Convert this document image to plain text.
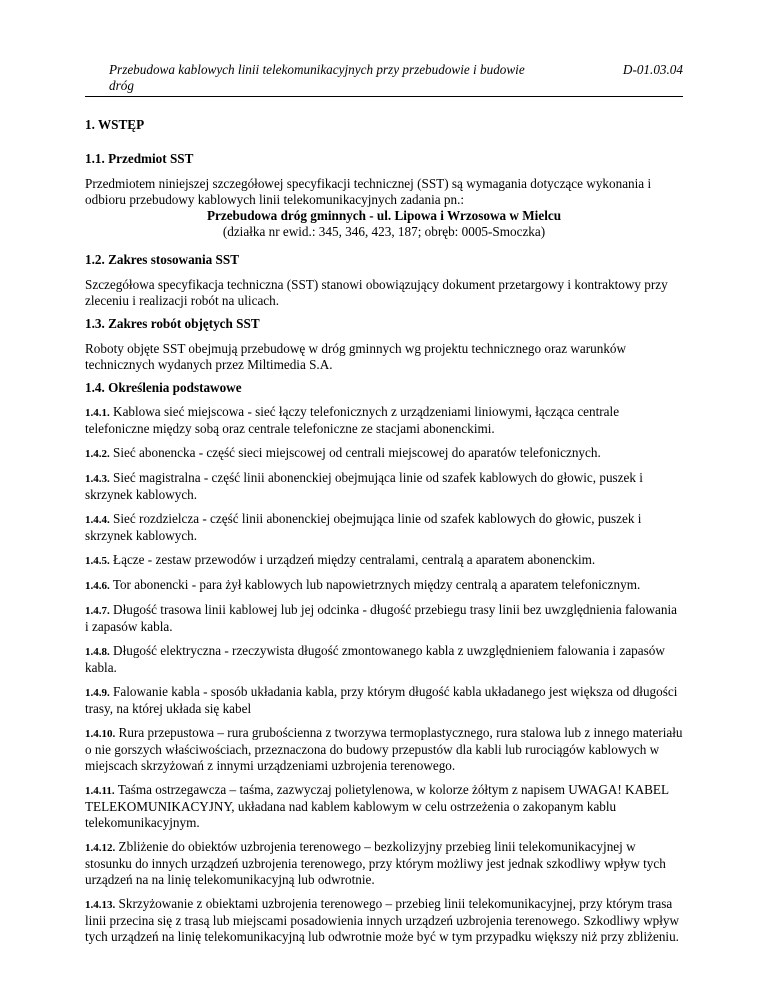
Przebudowa kablowych linii telekomunikacyjnych przy przebudowie i budowie dróg
D-01.03.04
1. WSTĘP
1.1. Przedmiot SST
Przedmiotem niniejszej szczegółowej specyfikacji technicznej (SST) są wymagania dotyczące wykonania i odbioru przebudowy kablowych linii telekomunikacyjnych zadania pn.:
Przebudowa dróg gminnych - ul. Lipowa i Wrzosowa w Mielcu
(działka nr ewid.: 345, 346, 423, 187; obręb: 0005-Smoczka)
1.2. Zakres stosowania SST
Szczegółowa specyfikacja techniczna (SST) stanowi obowiązujący dokument przetargowy i kontraktowy przy zleceniu i realizacji robót na ulicach.
1.3. Zakres robót objętych SST
Roboty objęte SST obejmują przebudowę w dróg gminnych wg projektu technicznego oraz warunków technicznych wydanych przez Miltimedia S.A.
1.4. Określenia podstawowe
1.4.1. Kablowa sieć miejscowa - sieć łączy telefonicznych z urządzeniami liniowymi, łącząca centrale telefoniczne między sobą oraz centrale telefoniczne ze stacjami abonenckimi.
1.4.2. Sieć abonencka - część sieci miejscowej od centrali miejscowej do aparatów telefonicznych.
1.4.3. Sieć magistralna - część linii abonenckiej obejmująca linie od szafek kablowych do głowic, puszek i skrzynek kablowych.
1.4.4. Sieć rozdzielcza - część linii abonenckiej obejmująca linie od szafek kablowych do głowic, puszek i skrzynek kablowych.
1.4.5. Łącze - zestaw przewodów i urządzeń między centralami, centralą a aparatem abonenckim.
1.4.6. Tor abonencki - para żył kablowych lub napowietrznych między centralą a aparatem telefonicznym.
1.4.7. Długość trasowa linii kablowej lub jej odcinka - długość przebiegu trasy linii bez uwzględnienia falowania i zapasów kabla.
1.4.8. Długość elektryczna - rzeczywista długość zmontowanego kabla z uwzględnieniem falowania i zapasów kabla.
1.4.9. Falowanie kabla - sposób układania kabla, przy którym długość kabla układanego jest większa od długości trasy, na której układa się kabel
1.4.10. Rura przepustowa – rura grubościenna z tworzywa termoplastycznego, rura stalowa lub z innego materiału o nie gorszych właściwościach, przeznaczona do budowy przepustów dla kabli lub rurociągów kablowych w miejscach skrzyżowań z innymi urządzeniami uzbrojenia terenowego.
1.4.11. Taśma ostrzegawcza – taśma, zazwyczaj polietylenowa, w kolorze żółtym z napisem UWAGA! KABEL TELEKOMUNIKACYJNY, układana nad kablem kablowym w celu ostrzeżenia o zakopanym kablu telekomunikacyjnym.
1.4.12. Zbliżenie do obiektów uzbrojenia terenowego – bezkolizyjny przebieg linii telekomunikacyjnej w stosunku do innych urządzeń uzbrojenia terenowego, przy którym możliwy jest jednak szkodliwy wpływ tych urządzeń na na linię telekomunikacyjną lub odwrotnie.
1.4.13. Skrzyżowanie z obiektami uzbrojenia terenowego – przebieg linii telekomunikacyjnej, przy którym trasa linii przecina się z trasą lub miejscami posadowienia innych urządzeń uzbrojenia terenowego. Szkodliwy wpływ tych urządzeń na linię telekomunikacyjną lub odwrotnie może być w tym przypadku większy niż przy zbliżeniu.
